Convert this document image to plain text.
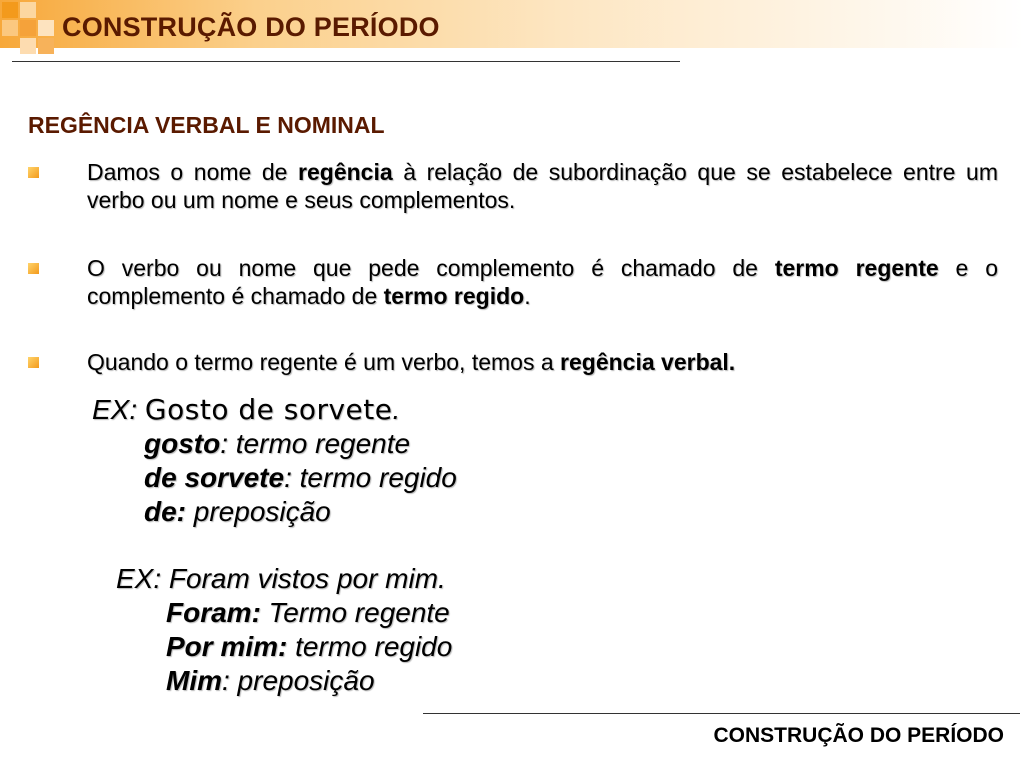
CONSTRUÇÃO DO PERÍODO
REGÊNCIA VERBAL E NOMINAL
Damos o nome de regência à relação de subordinação que se estabelece entre um verbo ou um nome e seus complementos.
O verbo ou nome que pede complemento é chamado de termo regente e o complemento é chamado de termo regido.
Quando o termo regente é um verbo, temos a regência verbal.
EX: Gosto de sorvete.
gosto: termo regente
de sorvete: termo regido
de: preposição
EX: Foram vistos por mim.
Foram: Termo regente
Por mim: termo regido
Mim: preposição
CONSTRUÇÃO DO PERÍODO
